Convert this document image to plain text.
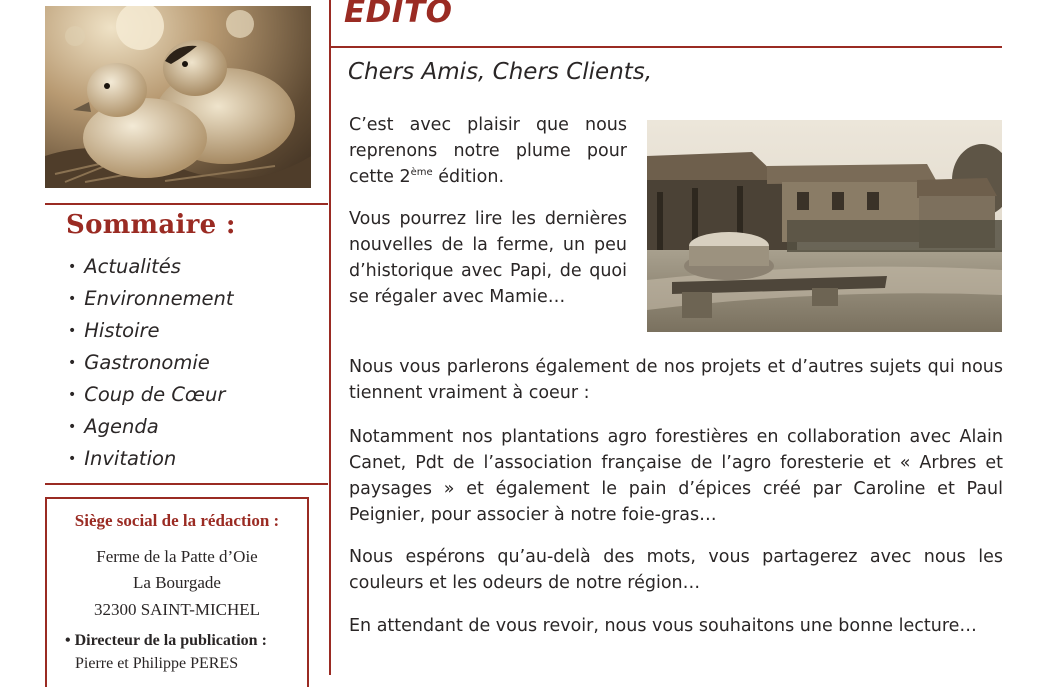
Sommaire :
• Actualités
• Environnement
• Histoire
• Gastronomie
• Coup de Cœur
• Agenda
• Invitation
Siège social de la rédaction :
Ferme de la Patte d’Oie
La Bourgade
32300 SAINT-MICHEL
• Directeur de la publication :
Pierre et Philippe PERES
EDITO
Chers Amis, Chers Clients,

C’est avec plaisir que nous reprenons notre plume pour cette 2ème édition.

Vous pourrez lire les dernières nouvelles de la ferme, un peu d’historique avec Papi, de quoi se régaler avec Mamie…

Nous vous parlerons également de nos projets et d’autres sujets qui nous tiennent vraiment à coeur :

Notamment nos plantations agro forestières en collaboration avec Alain Canet, Pdt de l’association française de l’agro foresterie et « Arbres et paysages » et également le pain d’épices créé par Caroline et Paul Peignier, pour associer à notre foie-gras…

Nous espérons qu’au-delà des mots, vous partagerez avec nous les couleurs et les odeurs de notre région…

En attendant de vous revoir, nous vous souhaitons une bonne lecture…
